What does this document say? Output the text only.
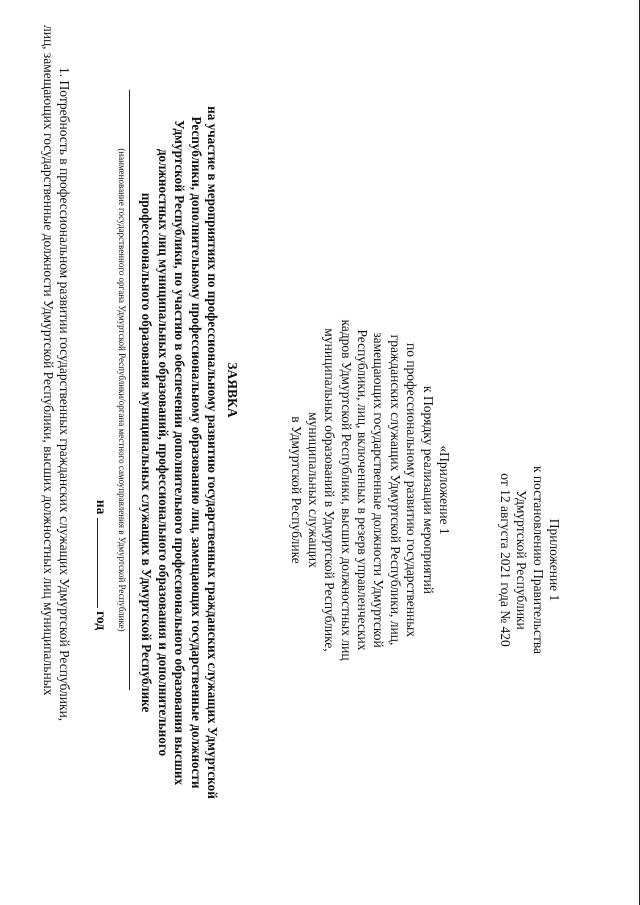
Приложение 1
к постановлению Правительства
Удмуртской Республики
от 12 августа 2021 года № 420
«Приложение 1
к Порядку реализации мероприятий
по профессиональному развитию государственных
гражданских служащих Удмуртской Республики, лиц,
замещающих государственные должности Удмуртской
Республики, лиц, включенных в резерв управленческих
кадров Удмуртской Республики, высших должностных лиц
муниципальных образований в Удмуртской Республике,
муниципальных служащих
в Удмуртской Республике
ЗАЯВКА
на участие в мероприятиях по профессиональному развитию государственных гражданских служащих Удмуртской
Республики, дополнительному профессиональному образованию лиц, замещающих государственные должности
Удмуртской Республики, по участию в обеспечении дополнительного профессионального образования высших
должностных лиц муниципальных образований, профессионального образования и дополнительного
профессионального образования муниципальных служащих в Удмуртской Республике
(наименование государственного органа Удмуртской Республики/органа местного самоуправления в Удмуртской Республике)
на  год
1. Потребность в профессиональном развитии государственных гражданских служащих Удмуртской Республики,
лиц, замещающих государственные должности Удмуртской Республики, высших должностных лиц муниципальных
